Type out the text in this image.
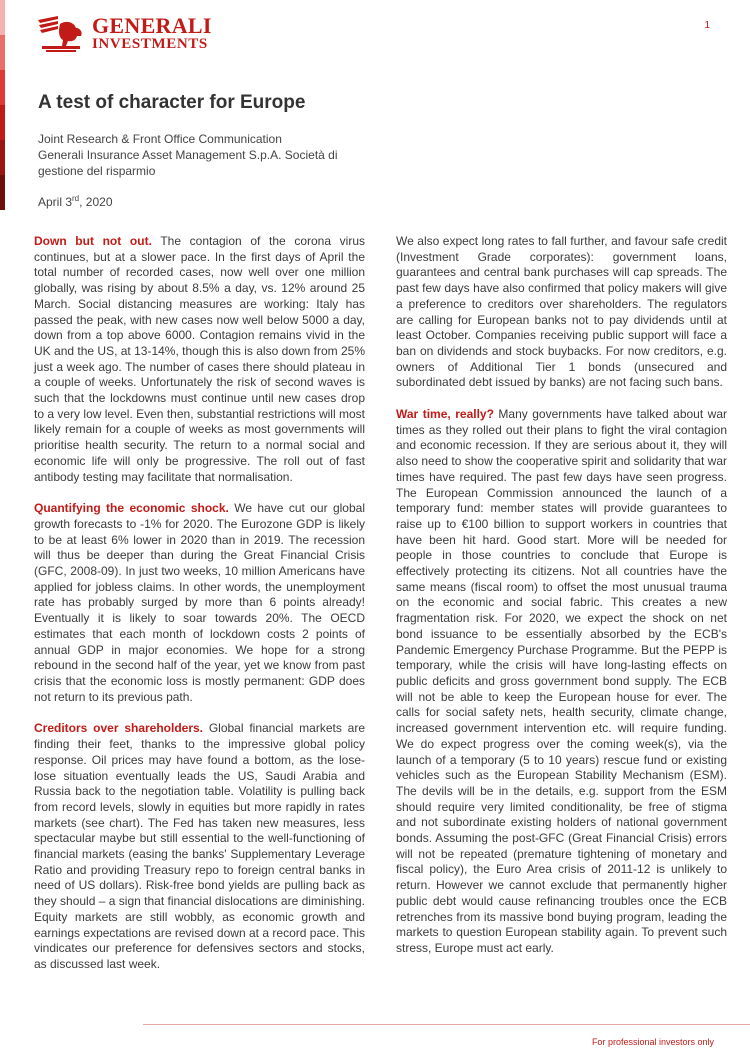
GENERALI
INVESTMENTS
1
A test of character for Europe

Joint Research & Front Office Communication

Generali Insurance Asset Management S.p.A. Società di gestione del risparmio

April 3rd, 2020

Down but not out. The contagion of the corona virus continues, but at a slower pace. In the first days of April the total number of recorded cases, now well over one million globally, was rising by about 8.5% a day, vs. 12% around 25 March. Social distancing measures are working: Italy has passed the peak, with new cases now well below 5000 a day, down from a top above 6000. Contagion remains vivid in the UK and the US, at 13-14%, though this is also down from 25% just a week ago. The number of cases there should plateau in a couple of weeks. Unfortunately the risk of second waves is such that the lockdowns must continue until new cases drop to a very low level. Even then, substantial restrictions will most likely remain for a couple of weeks as most governments will prioritise health security. The return to a normal social and economic life will only be progressive. The roll out of fast antibody testing may facilitate that normalisation.

Quantifying the economic shock. We have cut our global growth forecasts to -1% for 2020. The Eurozone GDP is likely to be at least 6% lower in 2020 than in 2019. The recession will thus be deeper than during the Great Financial Crisis (GFC, 2008-09). In just two weeks, 10 million Americans have applied for jobless claims. In other words, the unemployment rate has probably surged by more than 6 points already! Eventually it is likely to soar towards 20%. The OECD estimates that each month of lockdown costs 2 points of annual GDP in major economies. We hope for a strong rebound in the second half of the year, yet we know from past crisis that the economic loss is mostly permanent: GDP does not return to its previous path.

Creditors over shareholders. Global financial markets are finding their feet, thanks to the impressive global policy response. Oil prices may have found a bottom, as the lose-lose situation eventually leads the US, Saudi Arabia and Russia back to the negotiation table. Volatility is pulling back from record levels, slowly in equities but more rapidly in rates markets (see chart). The Fed has taken new measures, less spectacular maybe but still essential to the well-functioning of financial markets (easing the banks' Supplementary Leverage Ratio and providing Treasury repo to foreign central banks in need of US dollars). Risk-free bond yields are pulling back as they should – a sign that financial dislocations are diminishing. Equity markets are still wobbly, as economic growth and earnings expectations are revised down at a record pace. This vindicates our preference for defensives sectors and stocks, as discussed last week.

We also expect long rates to fall further, and favour safe credit (Investment Grade corporates): government loans, guarantees and central bank purchases will cap spreads. The past few days have also confirmed that policy makers will give a preference to creditors over shareholders. The regulators are calling for European banks not to pay dividends until at least October. Companies receiving public support will face a ban on dividends and stock buybacks. For now creditors, e.g. owners of Additional Tier 1 bonds (unsecured and subordinated debt issued by banks) are not facing such bans.

War time, really? Many governments have talked about war times as they rolled out their plans to fight the viral contagion and economic recession. If they are serious about it, they will also need to show the cooperative spirit and solidarity that war times have required. The past few days have seen progress. The European Commission announced the launch of a temporary fund: member states will provide guarantees to raise up to €100 billion to support workers in countries that have been hit hard. Good start. More will be needed for people in those countries to conclude that Europe is effectively protecting its citizens. Not all countries have the same means (fiscal room) to offset the most unusual trauma on the economic and social fabric. This creates a new fragmentation risk. For 2020, we expect the shock on net bond issuance to be essentially absorbed by the ECB's Pandemic Emergency Purchase Programme. But the PEPP is temporary, while the crisis will have long-lasting effects on public deficits and gross government bond supply. The ECB will not be able to keep the European house for ever. The calls for social safety nets, health security, climate change, increased government intervention etc. will require funding. We do expect progress over the coming week(s), via the launch of a temporary (5 to 10 years) rescue fund or existing vehicles such as the European Stability Mechanism (ESM). The devils will be in the details, e.g. support from the ESM should require very limited conditionality, be free of stigma and not subordinate existing holders of national government bonds. Assuming the post-GFC (Great Financial Crisis) errors will not be repeated (premature tightening of monetary and fiscal policy), the Euro Area crisis of 2011-12 is unlikely to return. However we cannot exclude that permanently higher public debt would cause refinancing troubles once the ECB retrenches from its massive bond buying program, leading the markets to question European stability again. To prevent such stress, Europe must act early.

For professional investors only
